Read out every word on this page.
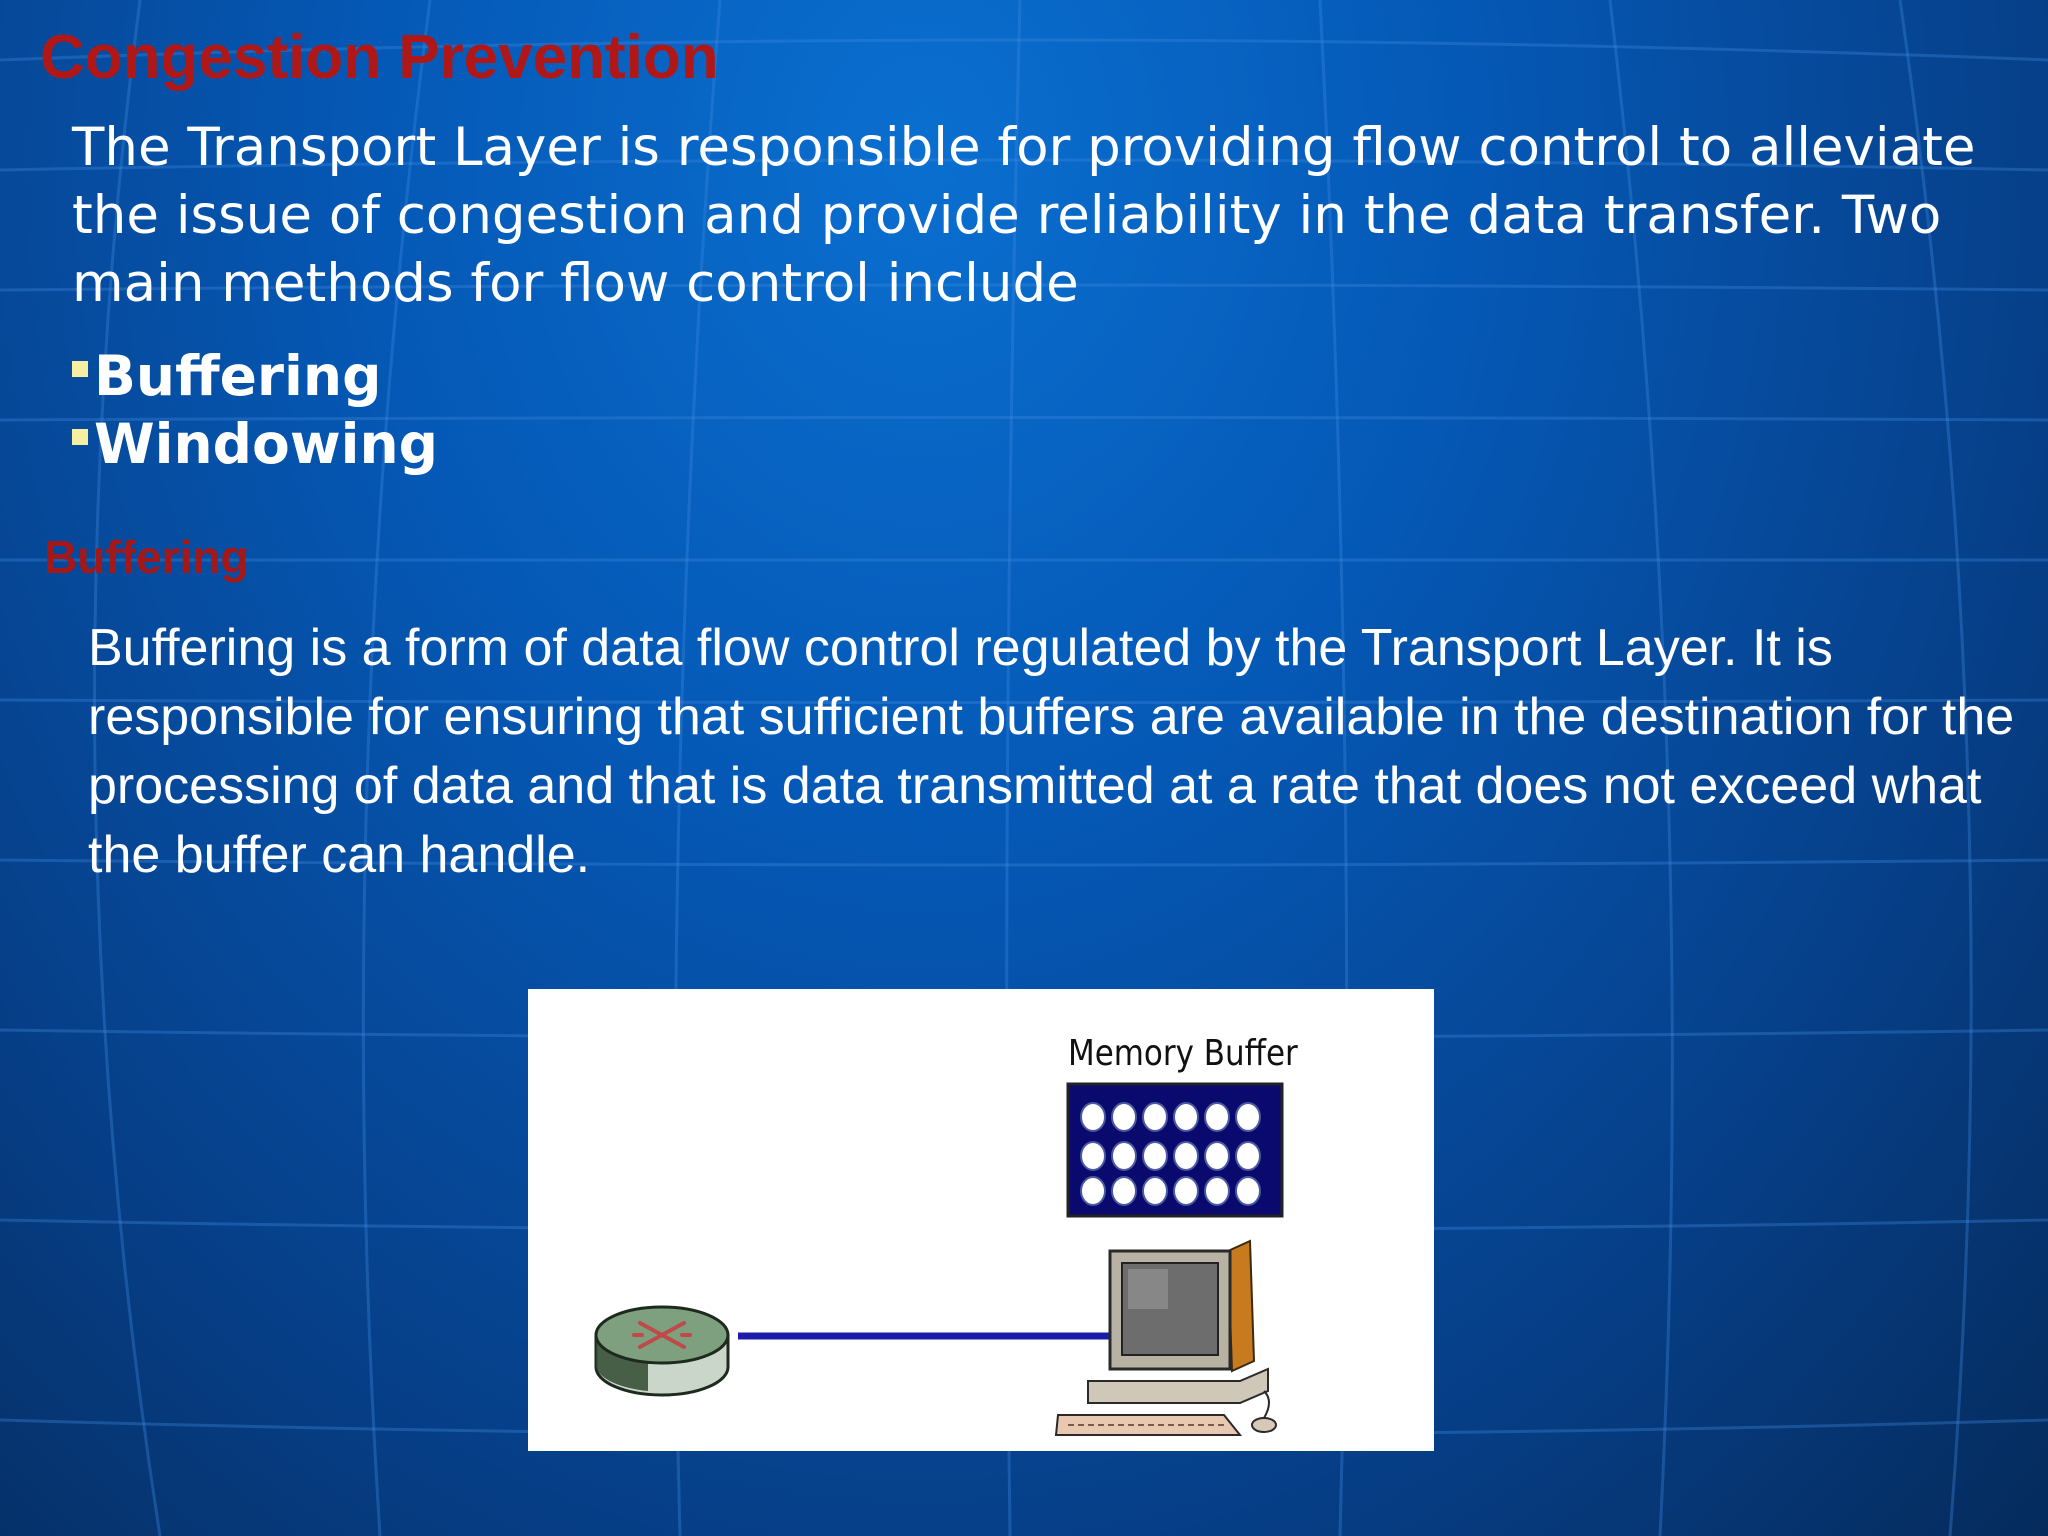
Congestion Prevention

The Transport Layer is responsible for providing flow control to alleviate the issue of congestion and provide reliability in the data transfer. Two main methods for flow control include

Buffering
Windowing
Buffering

Buffering is a form of data flow control regulated by the Transport Layer. It is responsible for ensuring that sufficient buffers are available in the destination for the processing of data and that is data transmitted at a rate that does not exceed what the buffer can handle.

Memory Buffer
